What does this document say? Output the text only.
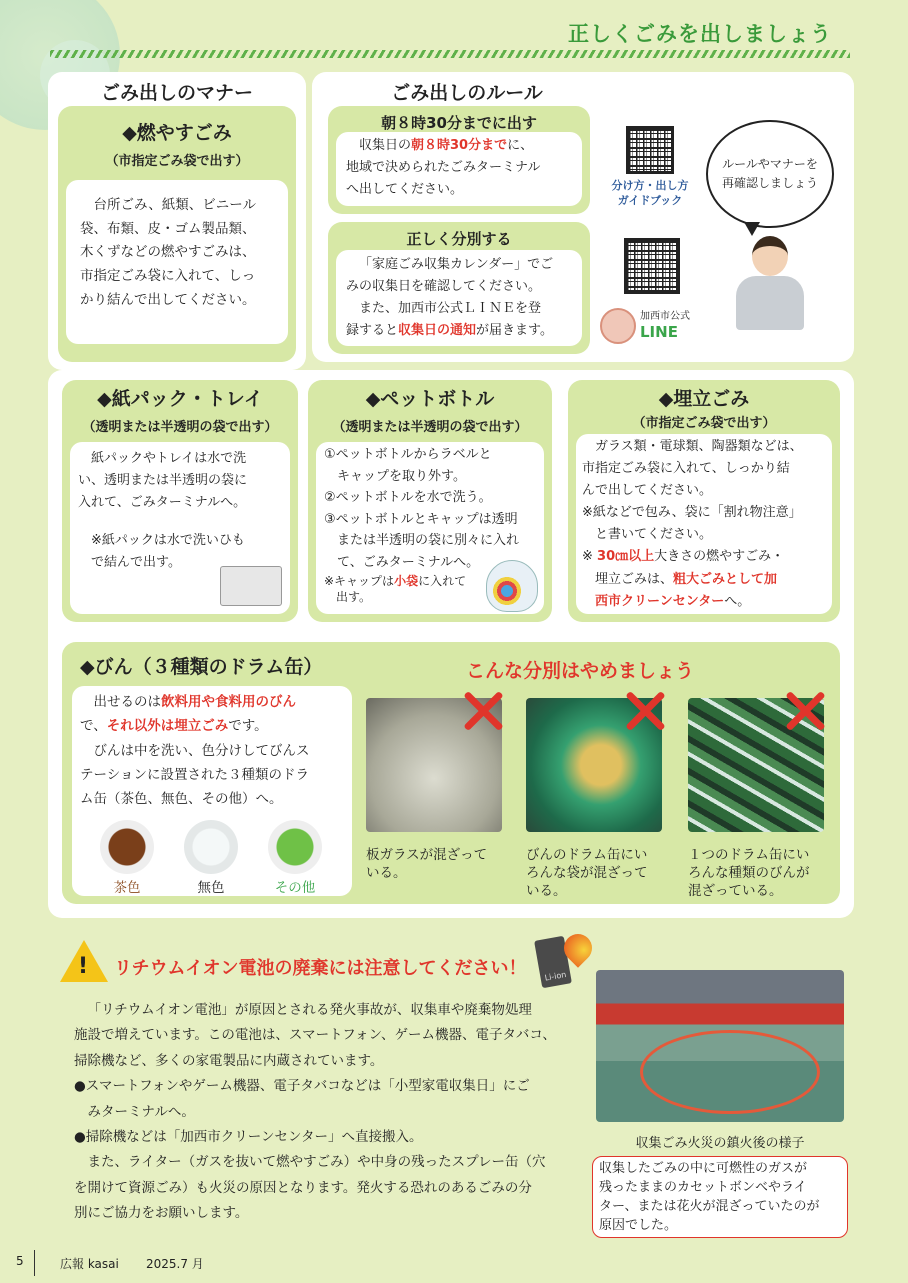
正しくごみを出しましょう
ごみ出しのマナー
◆燃やすごみ
（市指定ごみ袋で出す）
台所ごみ、紙類、ビニール
袋、布類、皮・ゴム製品類、
木くずなどの燃やすごみは、
市指定ごみ袋に入れて、しっ
かり結んで出してください。
ごみ出しのルール
朝８時30分までに出す
収集日の朝８時30分までに、
地域で決められたごみターミナル
へ出してください。
正しく分別する
「家庭ごみ収集カレンダー」でご
みの収集日を確認してください。
また、加西市公式ＬＩＮＥを登
録すると収集日の通知が届きます。
分け方・出し方
ガイドブック
加西市公式
LINE
ルールやマナーを
再確認しましょう
◆紙パック・トレイ
（透明または半透明の袋で出す）
紙パックやトレイは水で洗
い、透明または半透明の袋に
入れて、ごみターミナルへ。
※紙パックは水で洗いひも
で結んで出す。
◆ペットボトル
（透明または半透明の袋で出す）
①ペットボトルからラベルと
キャップを取り外す。
②ペットボトルを水で洗う。
③ペットボトルとキャップは透明
または半透明の袋に別々に入れ
て、ごみターミナルへ。
※キャップは小袋に入れて
出す。
◆埋立ごみ
（市指定ごみ袋で出す）
ガラス類・電球類、陶器類などは、
市指定ごみ袋に入れて、しっかり結
んで出してください。
※紙などで包み、袋に「割れ物注意」
と書いてください。
※ 30㎝以上大きさの燃やすごみ・
埋立ごみは、粗大ごみとして加
西市クリーンセンターへ。
◆びん（３種類のドラム缶）	こんな分別はやめましょう
出せるのは飲料用や食料用のびん
で、それ以外は埋立ごみです。
びんは中を洗い、色分けしてびんス
テーションに設置された３種類のドラ
ム缶（茶色、無色、その他）へ。
茶色	無色	その他
板ガラスが混ざって
いる。
びんのドラム缶にい
ろんな袋が混ざって
いる。
１つのドラム缶にい
ろんな種類のびんが
混ざっている。
! リチウムイオン電池の廃棄には注意してください！	Li-ion
「リチウムイオン電池」が原因とされる発火事故が、収集車や廃棄物処理
施設で増えています。この電池は、スマートフォン、ゲーム機器、電子タバコ、
掃除機など、多くの家電製品に内蔵されています。
●スマートフォンやゲーム機器、電子タバコなどは「小型家電収集日」にご
みターミナルへ。
●掃除機などは「加西市クリーンセンター」へ直接搬入。
また、ライター（ガスを抜いて燃やすごみ）や中身の残ったスプレー缶（穴
を開けて資源ごみ）も火災の原因となります。発火する恐れのあるごみの分
別にご協力をお願いします。
収集ごみ火災の鎮火後の様子
収集したごみの中に可燃性のガスが
残ったままのカセットボンベやライ
ター、または花火が混ざっていたのが
原因でした。
5	広報 kasai 2025.7 月
